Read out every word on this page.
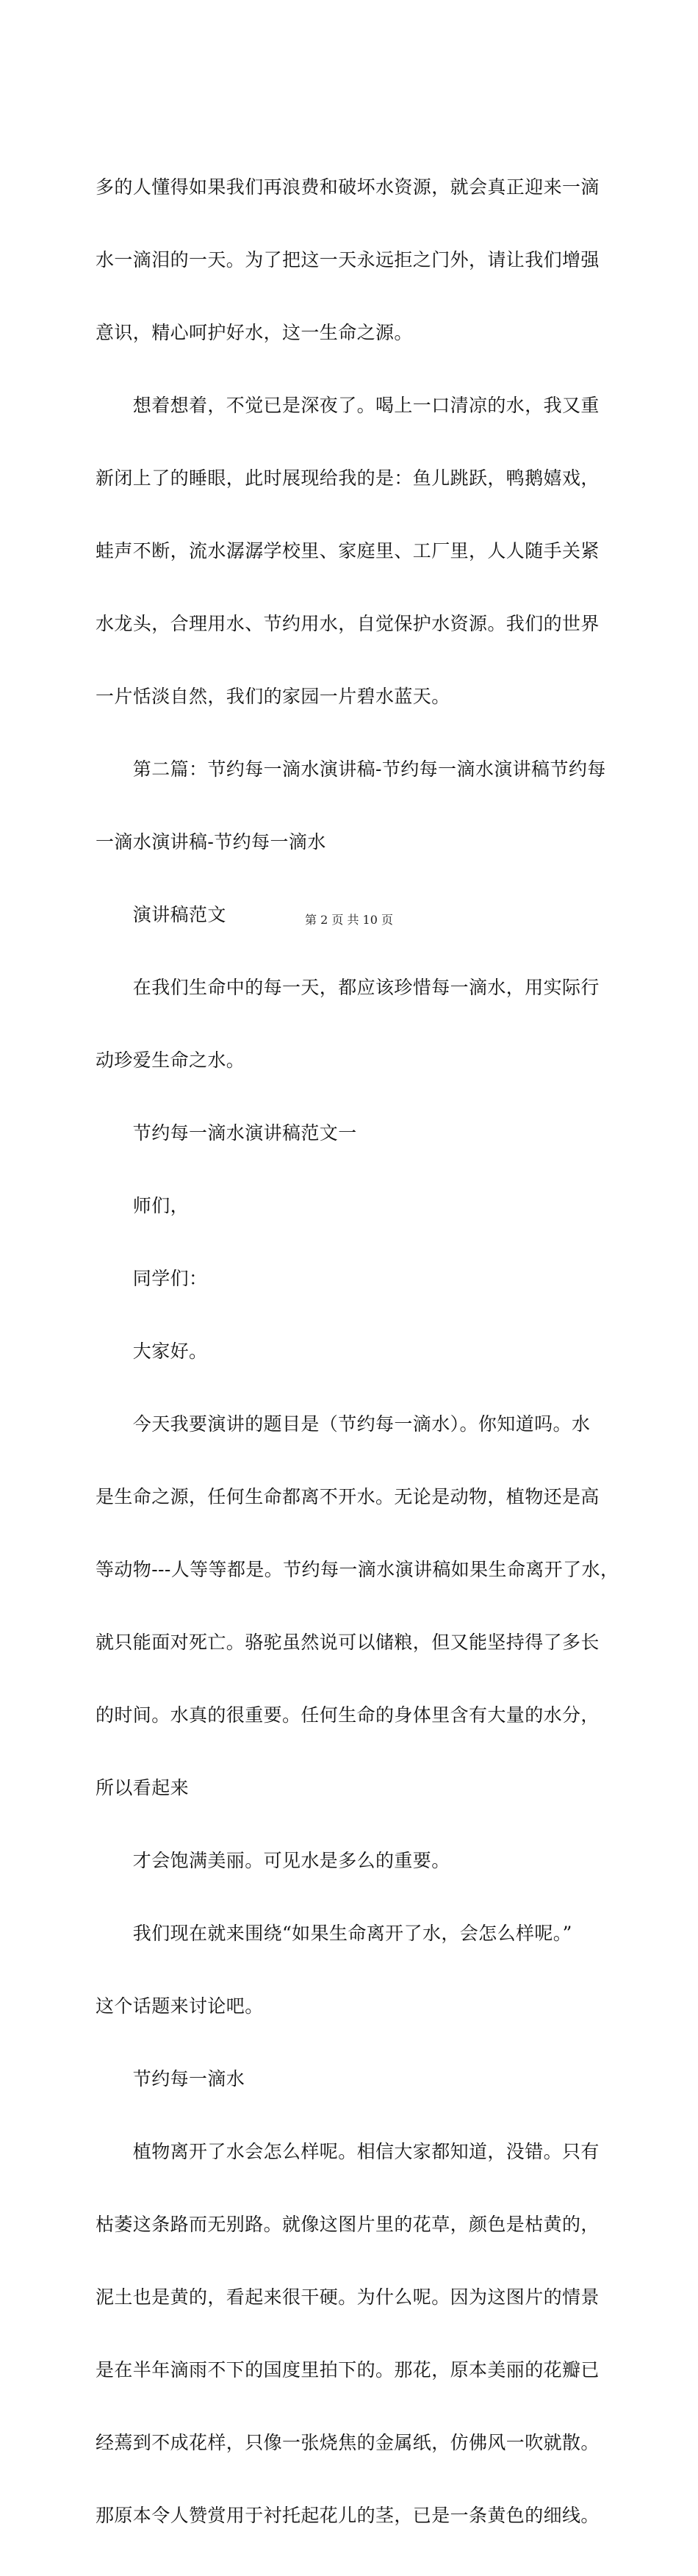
多的人懂得如果我们再浪费和破坏水资源，就会真正迎来一滴

水一滴泪的一天。为了把这一天永远拒之门外，请让我们增强

意识，精心呵护好水，这一生命之源。

　　想着想着，不觉已是深夜了。喝上一口清凉的水，我又重

新闭上了的睡眼，此时展现给我的是：鱼儿跳跃，鸭鹅嬉戏，

蛙声不断，流水潺潺学校里、家庭里、工厂里，人人随手关紧

水龙头，合理用水、节约用水，自觉保护水资源。我们的世界

一片恬淡自然，我们的家园一片碧水蓝天。

　　第二篇：节约每一滴水演讲稿-节约每一滴水演讲稿节约每

一滴水演讲稿-节约每一滴水

　　演讲稿范文

　　在我们生命中的每一天，都应该珍惜每一滴水，用实际行

动珍爱生命之水。

　　节约每一滴水演讲稿范文一

　　师们，

　　同学们：

　　大家好。

　　今天我要演讲的题目是（节约每一滴水）。你知道吗。水

是生命之源，任何生命都离不开水。无论是动物，植物还是高

等动物---人等等都是。节约每一滴水演讲稿如果生命离开了水，

就只能面对死亡。骆驼虽然说可以储粮，但又能坚持得了多长

的时间。水真的很重要。任何生命的身体里含有大量的水分，

所以看起来

　　才会饱满美丽。可见水是多么的重要。

　　我们现在就来围绕“如果生命离开了水，会怎么样呢。”

这个话题来讨论吧。

　　节约每一滴水

　　植物离开了水会怎么样呢。相信大家都知道，没错。只有

枯萎这条路而无别路。就像这图片里的花草，颜色是枯黄的，

泥土也是黄的，看起来很干硬。为什么呢。因为这图片的情景

是在半年滴雨不下的国度里拍下的。那花，原本美丽的花瓣已

经蔫到不成花样，只像一张烧焦的金属纸，仿佛风一吹就散。

那原本令人赞赏用于衬托起花儿的茎，已是一条黄色的细线。

第 2 页 共 10 页
